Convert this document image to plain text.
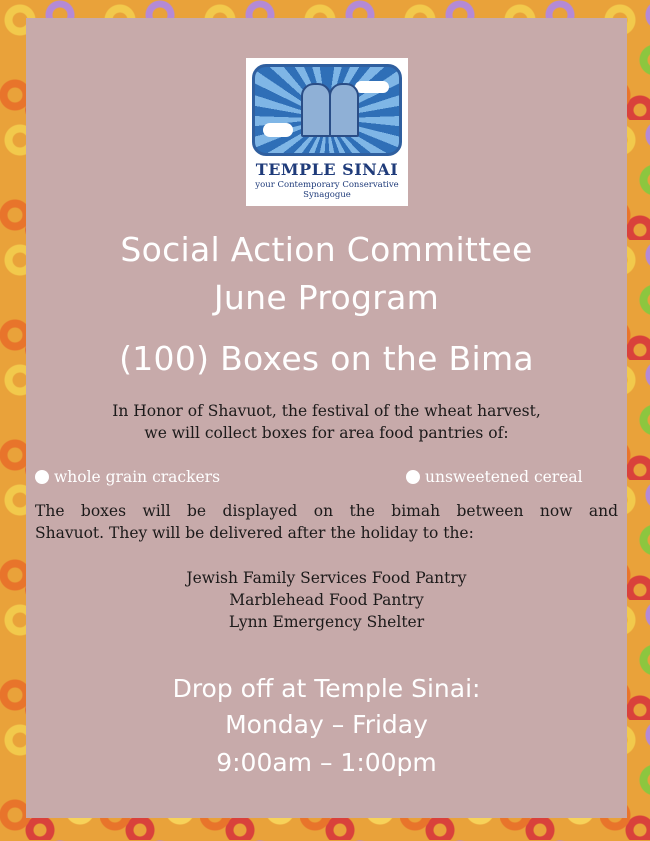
TEMPLE SINAI
your Contemporary Conservative
Synagogue
Social Action Committee
June Program
(100) Boxes on the Bima
In Honor of Shavuot, the festival of the wheat harvest,
we will collect boxes for area food pantries of:
whole grain crackers	unsweetened cereal
The boxes will be displayed on the bimah between now and
Shavuot. They will be delivered after the holiday to the:
Jewish Family Services Food Pantry
Marblehead Food Pantry
Lynn Emergency Shelter
Drop off at Temple Sinai:
Monday – Friday
9:00am – 1:00pm
